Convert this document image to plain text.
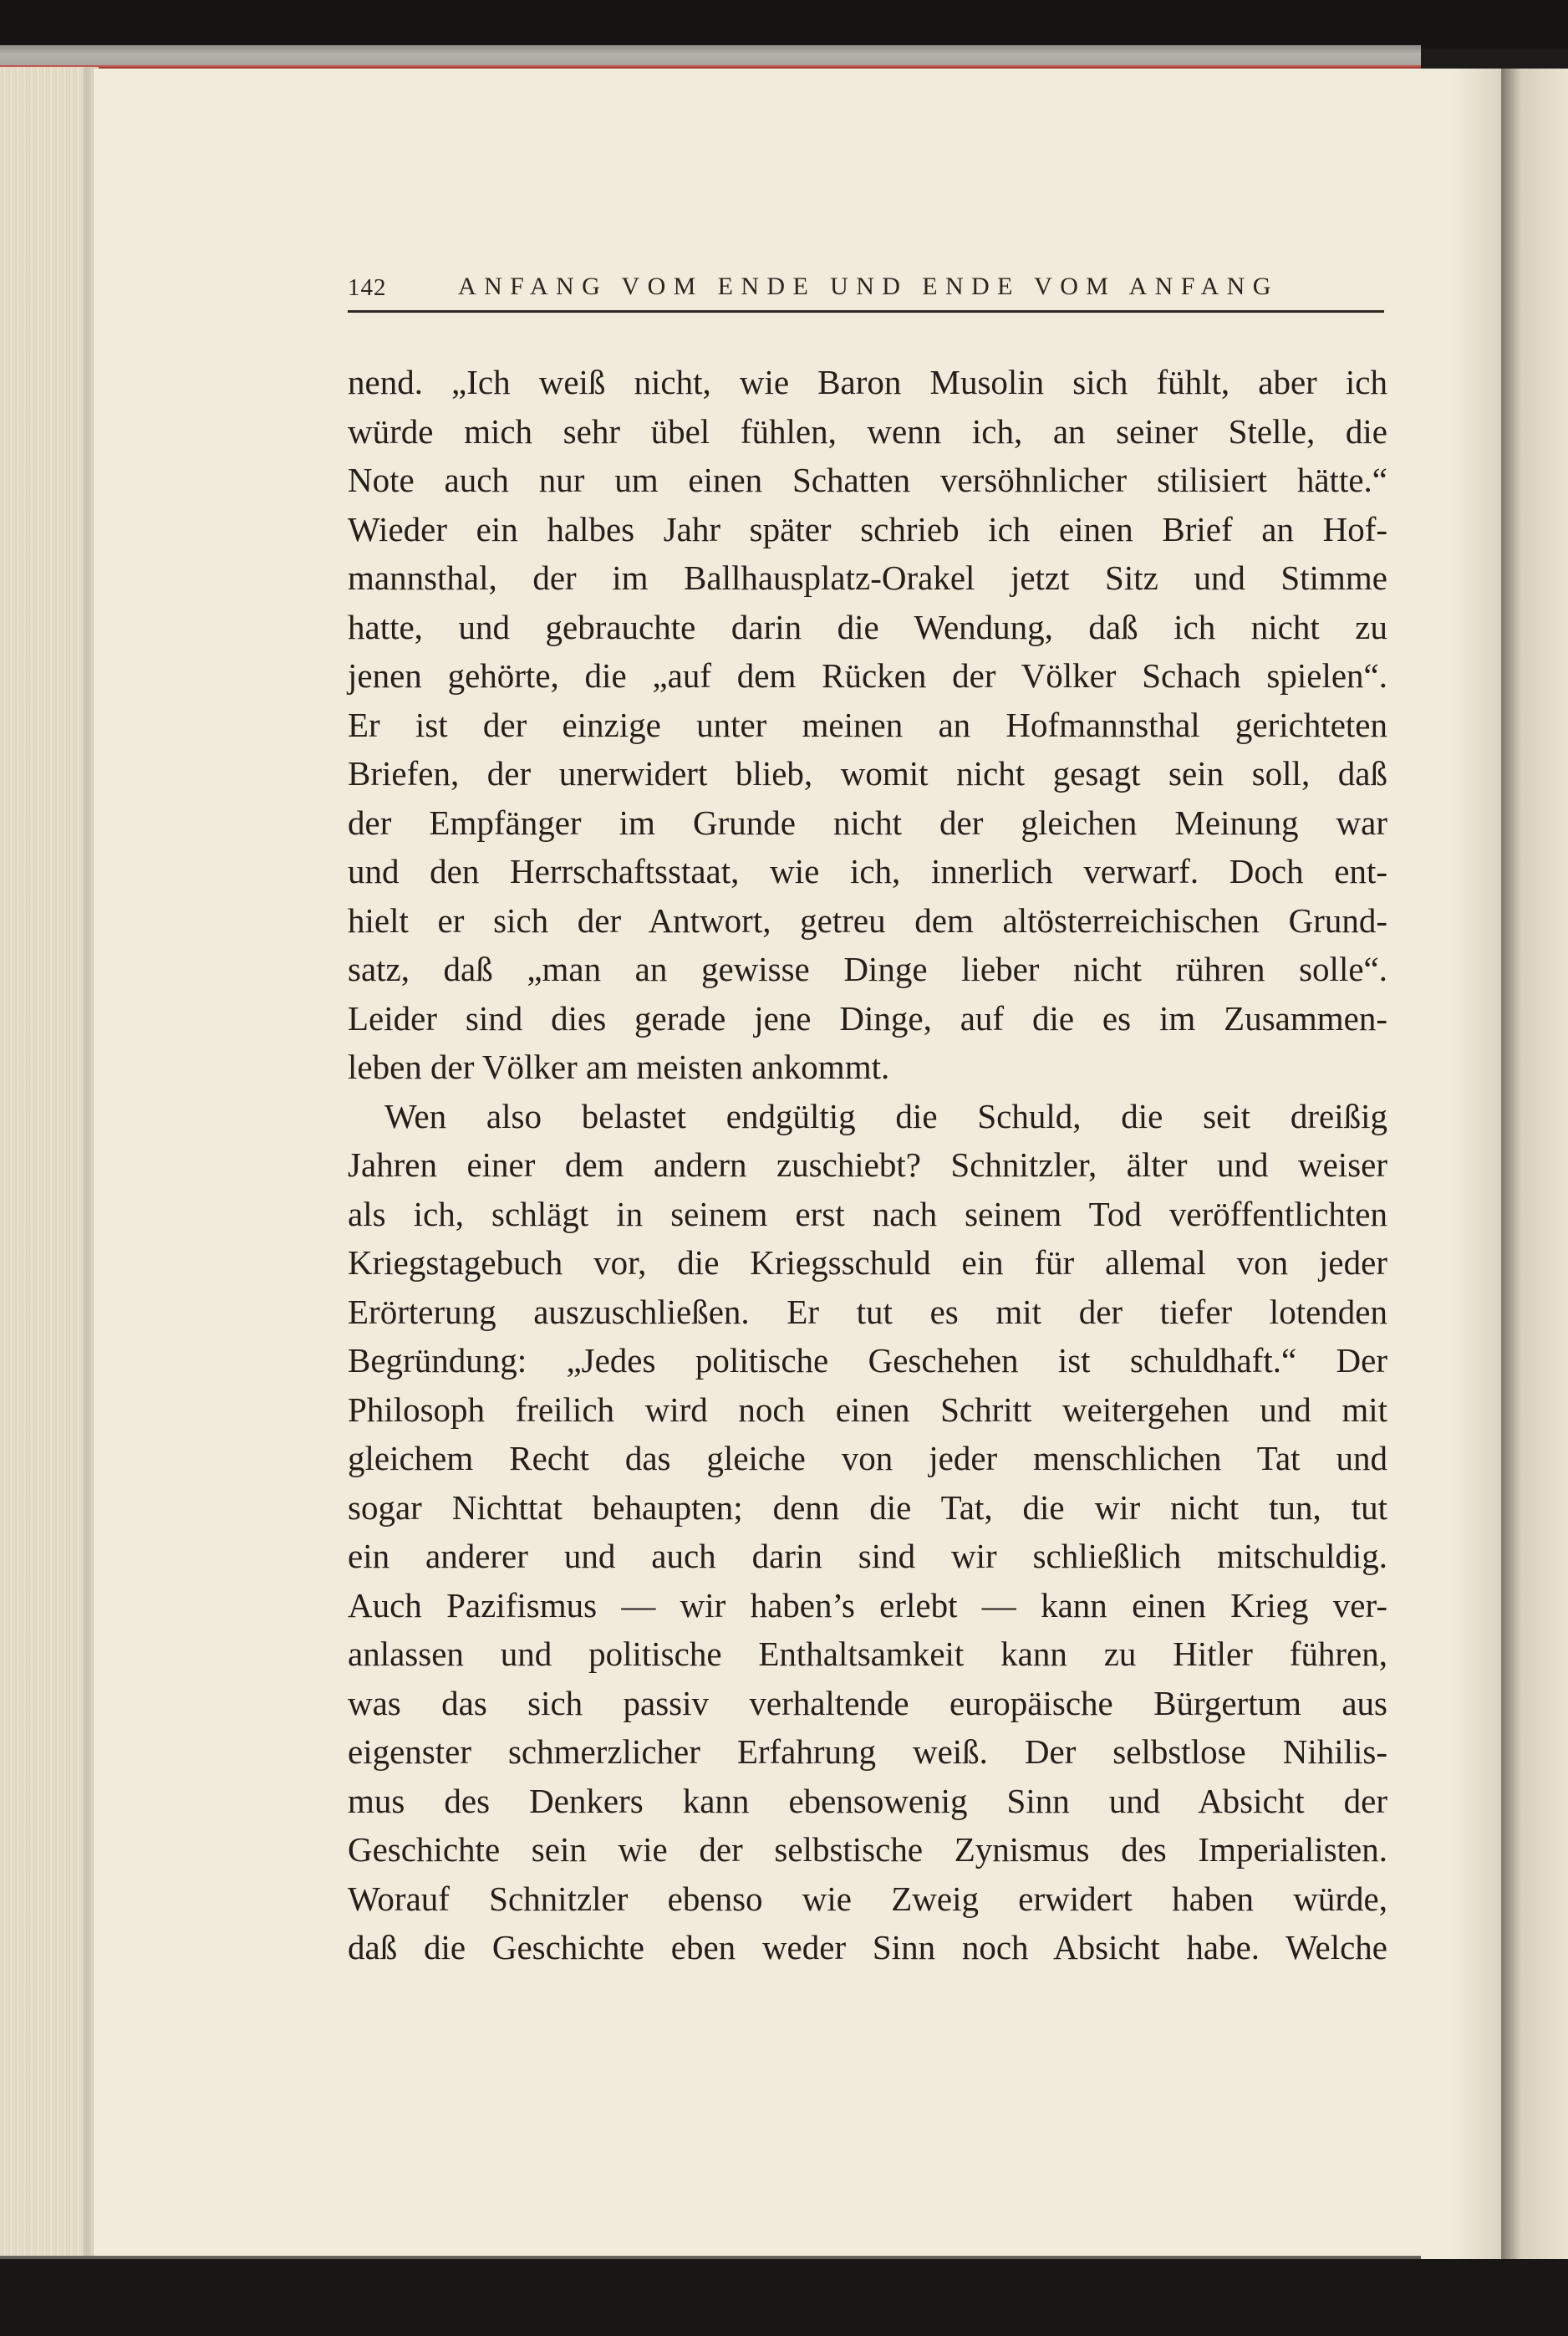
142	ANFANG VOM ENDE UND ENDE VOM ANFANG
nend. „Ich weiß nicht, wie Baron Musolin sich fühlt, aber ich
würde mich sehr übel fühlen, wenn ich, an seiner Stelle, die
Note auch nur um einen Schatten versöhnlicher stilisiert hätte.“
Wieder ein halbes Jahr später schrieb ich einen Brief an Hof-
mannsthal, der im Ballhausplatz-Orakel jetzt Sitz und Stimme
hatte, und gebrauchte darin die Wendung, daß ich nicht zu
jenen gehörte, die „auf dem Rücken der Völker Schach spielen“.
Er ist der einzige unter meinen an Hofmannsthal gerichteten
Briefen, der unerwidert blieb, womit nicht gesagt sein soll, daß
der Empfänger im Grunde nicht der gleichen Meinung war
und den Herrschaftsstaat, wie ich, innerlich verwarf. Doch ent-
hielt er sich der Antwort, getreu dem altösterreichischen Grund-
satz, daß „man an gewisse Dinge lieber nicht rühren solle“.
Leider sind dies gerade jene Dinge, auf die es im Zusammen-
leben der Völker am meisten ankommt.
Wen also belastet endgültig die Schuld, die seit dreißig
Jahren einer dem andern zuschiebt? Schnitzler, älter und weiser
als ich, schlägt in seinem erst nach seinem Tod veröffentlichten
Kriegstagebuch vor, die Kriegsschuld ein für allemal von jeder
Erörterung auszuschließen. Er tut es mit der tiefer lotenden
Begründung: „Jedes politische Geschehen ist schuldhaft.“ Der
Philosoph freilich wird noch einen Schritt weitergehen und mit
gleichem Recht das gleiche von jeder menschlichen Tat und
sogar Nichttat behaupten; denn die Tat, die wir nicht tun, tut
ein anderer und auch darin sind wir schließlich mitschuldig.
Auch Pazifismus — wir haben’s erlebt — kann einen Krieg ver-
anlassen und politische Enthaltsamkeit kann zu Hitler führen,
was das sich passiv verhaltende europäische Bürgertum aus
eigenster schmerzlicher Erfahrung weiß. Der selbstlose Nihilis-
mus des Denkers kann ebensowenig Sinn und Absicht der
Geschichte sein wie der selbstische Zynismus des Imperialisten.
Worauf Schnitzler ebenso wie Zweig erwidert haben würde,
daß die Geschichte eben weder Sinn noch Absicht habe. Welche
